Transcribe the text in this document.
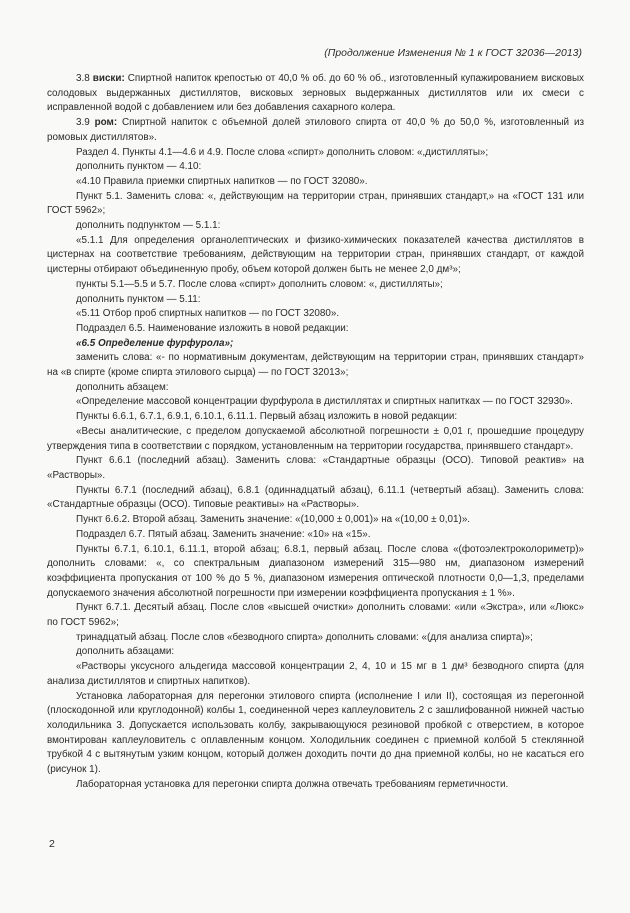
(Продолжение Изменения № 1 к ГОСТ 32036—2013)

3.8 виски: Спиртной напиток крепостью от 40,0 % об. до 60 % об., изготовленный купажированием висковых солодовых выдержанных дистиллятов, висковых зерновых выдержанных дистиллятов или их смеси с исправленной водой с добавлением или без добавления сахарного колера.

3.9 ром: Спиртной напиток с объемной долей этилового спирта от 40,0 % до 50,0 %, изготовленный из ромовых дистиллятов».

Раздел 4. Пункты 4.1—4.6 и 4.9. После слова «спирт» дополнить словом: «,дистилляты»;

дополнить пунктом — 4.10:

«4.10 Правила приемки спиртных напитков — по ГОСТ 32080».

Пункт 5.1. Заменить слова: «, действующим на территории стран, принявших стандарт,» на «ГОСТ 131 или ГОСТ 5962»;

дополнить подпунктом — 5.1.1:

«5.1.1 Для определения органолептических и физико-химических показателей качества дистиллятов в цистернах на соответствие требованиям, действующим на территории стран, принявших стандарт, от каждой цистерны отбирают объединенную пробу, объем которой должен быть не менее 2,0 дм³»;

пункты 5.1—5.5 и 5.7. После слова «спирт» дополнить словом: «, дистилляты»;

дополнить пунктом — 5.11:

«5.11 Отбор проб спиртных напитков — по ГОСТ 32080».

Подраздел 6.5. Наименование изложить в новой редакции:

«6.5 Определение фурфурола»;

заменить слова: «- по нормативным документам, действующим на территории стран, принявших стандарт» на «в спирте (кроме спирта этилового сырца) — по ГОСТ 32013»;

дополнить абзацем:

«Определение массовой концентрации фурфурола в дистиллятах и спиртных напитках — по ГОСТ 32930».

Пункты 6.6.1, 6.7.1, 6.9.1, 6.10.1, 6.11.1. Первый абзац изложить в новой редакции:

«Весы аналитические, с пределом допускаемой абсолютной погрешности ± 0,01 г, прошедшие процедуру утверждения типа в соответствии с порядком, установленным на территории государства, принявшего стандарт».

Пункт 6.6.1 (последний абзац). Заменить слова: «Стандартные образцы (ОСО). Типовой реактив» на «Растворы».

Пункты 6.7.1 (последний абзац), 6.8.1 (одиннадцатый абзац), 6.11.1 (четвертый абзац). Заменить слова: «Стандартные образцы (ОСО). Типовые реактивы» на «Растворы».

Пункт 6.6.2. Второй абзац. Заменить значение: «(10,000 ± 0,001)» на «(10,00 ± 0,01)».

Подраздел 6.7. Пятый абзац. Заменить значение: «10» на «15».

Пункты 6.7.1, 6.10.1, 6.11.1, второй абзац; 6.8.1, первый абзац. После слова «(фотоэлектроколориметр)» дополнить словами: «, со спектральным диапазоном измерений 315—980 нм, диапазоном измерений коэффициента пропускания от 100 % до 5 %, диапазоном измерения оптической плотности 0,0—1,3, пределами допускаемого значения абсолютной погрешности при измерении коэффициента пропускания ± 1 %».

Пункт 6.7.1. Десятый абзац. После слов «высшей очистки» дополнить словами: «или «Экстра», или «Люкс» по ГОСТ 5962»;

тринадцатый абзац. После слов «безводного спирта» дополнить словами: «(для анализа спирта)»;

дополнить абзацами:

«Растворы уксусного альдегида массовой концентрации 2, 4, 10 и 15 мг в 1 дм³ безводного спирта (для анализа дистиллятов и спиртных напитков).

Установка лабораторная для перегонки этилового спирта (исполнение I или II), состоящая из перегонной (плоскодонной или круглодонной) колбы 1, соединенной через каплеуловитель 2 с зашлифованной нижней частью холодильника 3. Допускается использовать колбу, закрывающуюся резиновой пробкой с отверстием, в которое вмонтирован каплеуловитель с оплавленным концом. Холодильник соединен с приемной колбой 5 стеклянной трубкой 4 с вытянутым узким концом, который должен доходить почти до дна приемной колбы, но не касаться его (рисунок 1).

Лабораторная установка для перегонки спирта должна отвечать требованиям герметичности.

2
